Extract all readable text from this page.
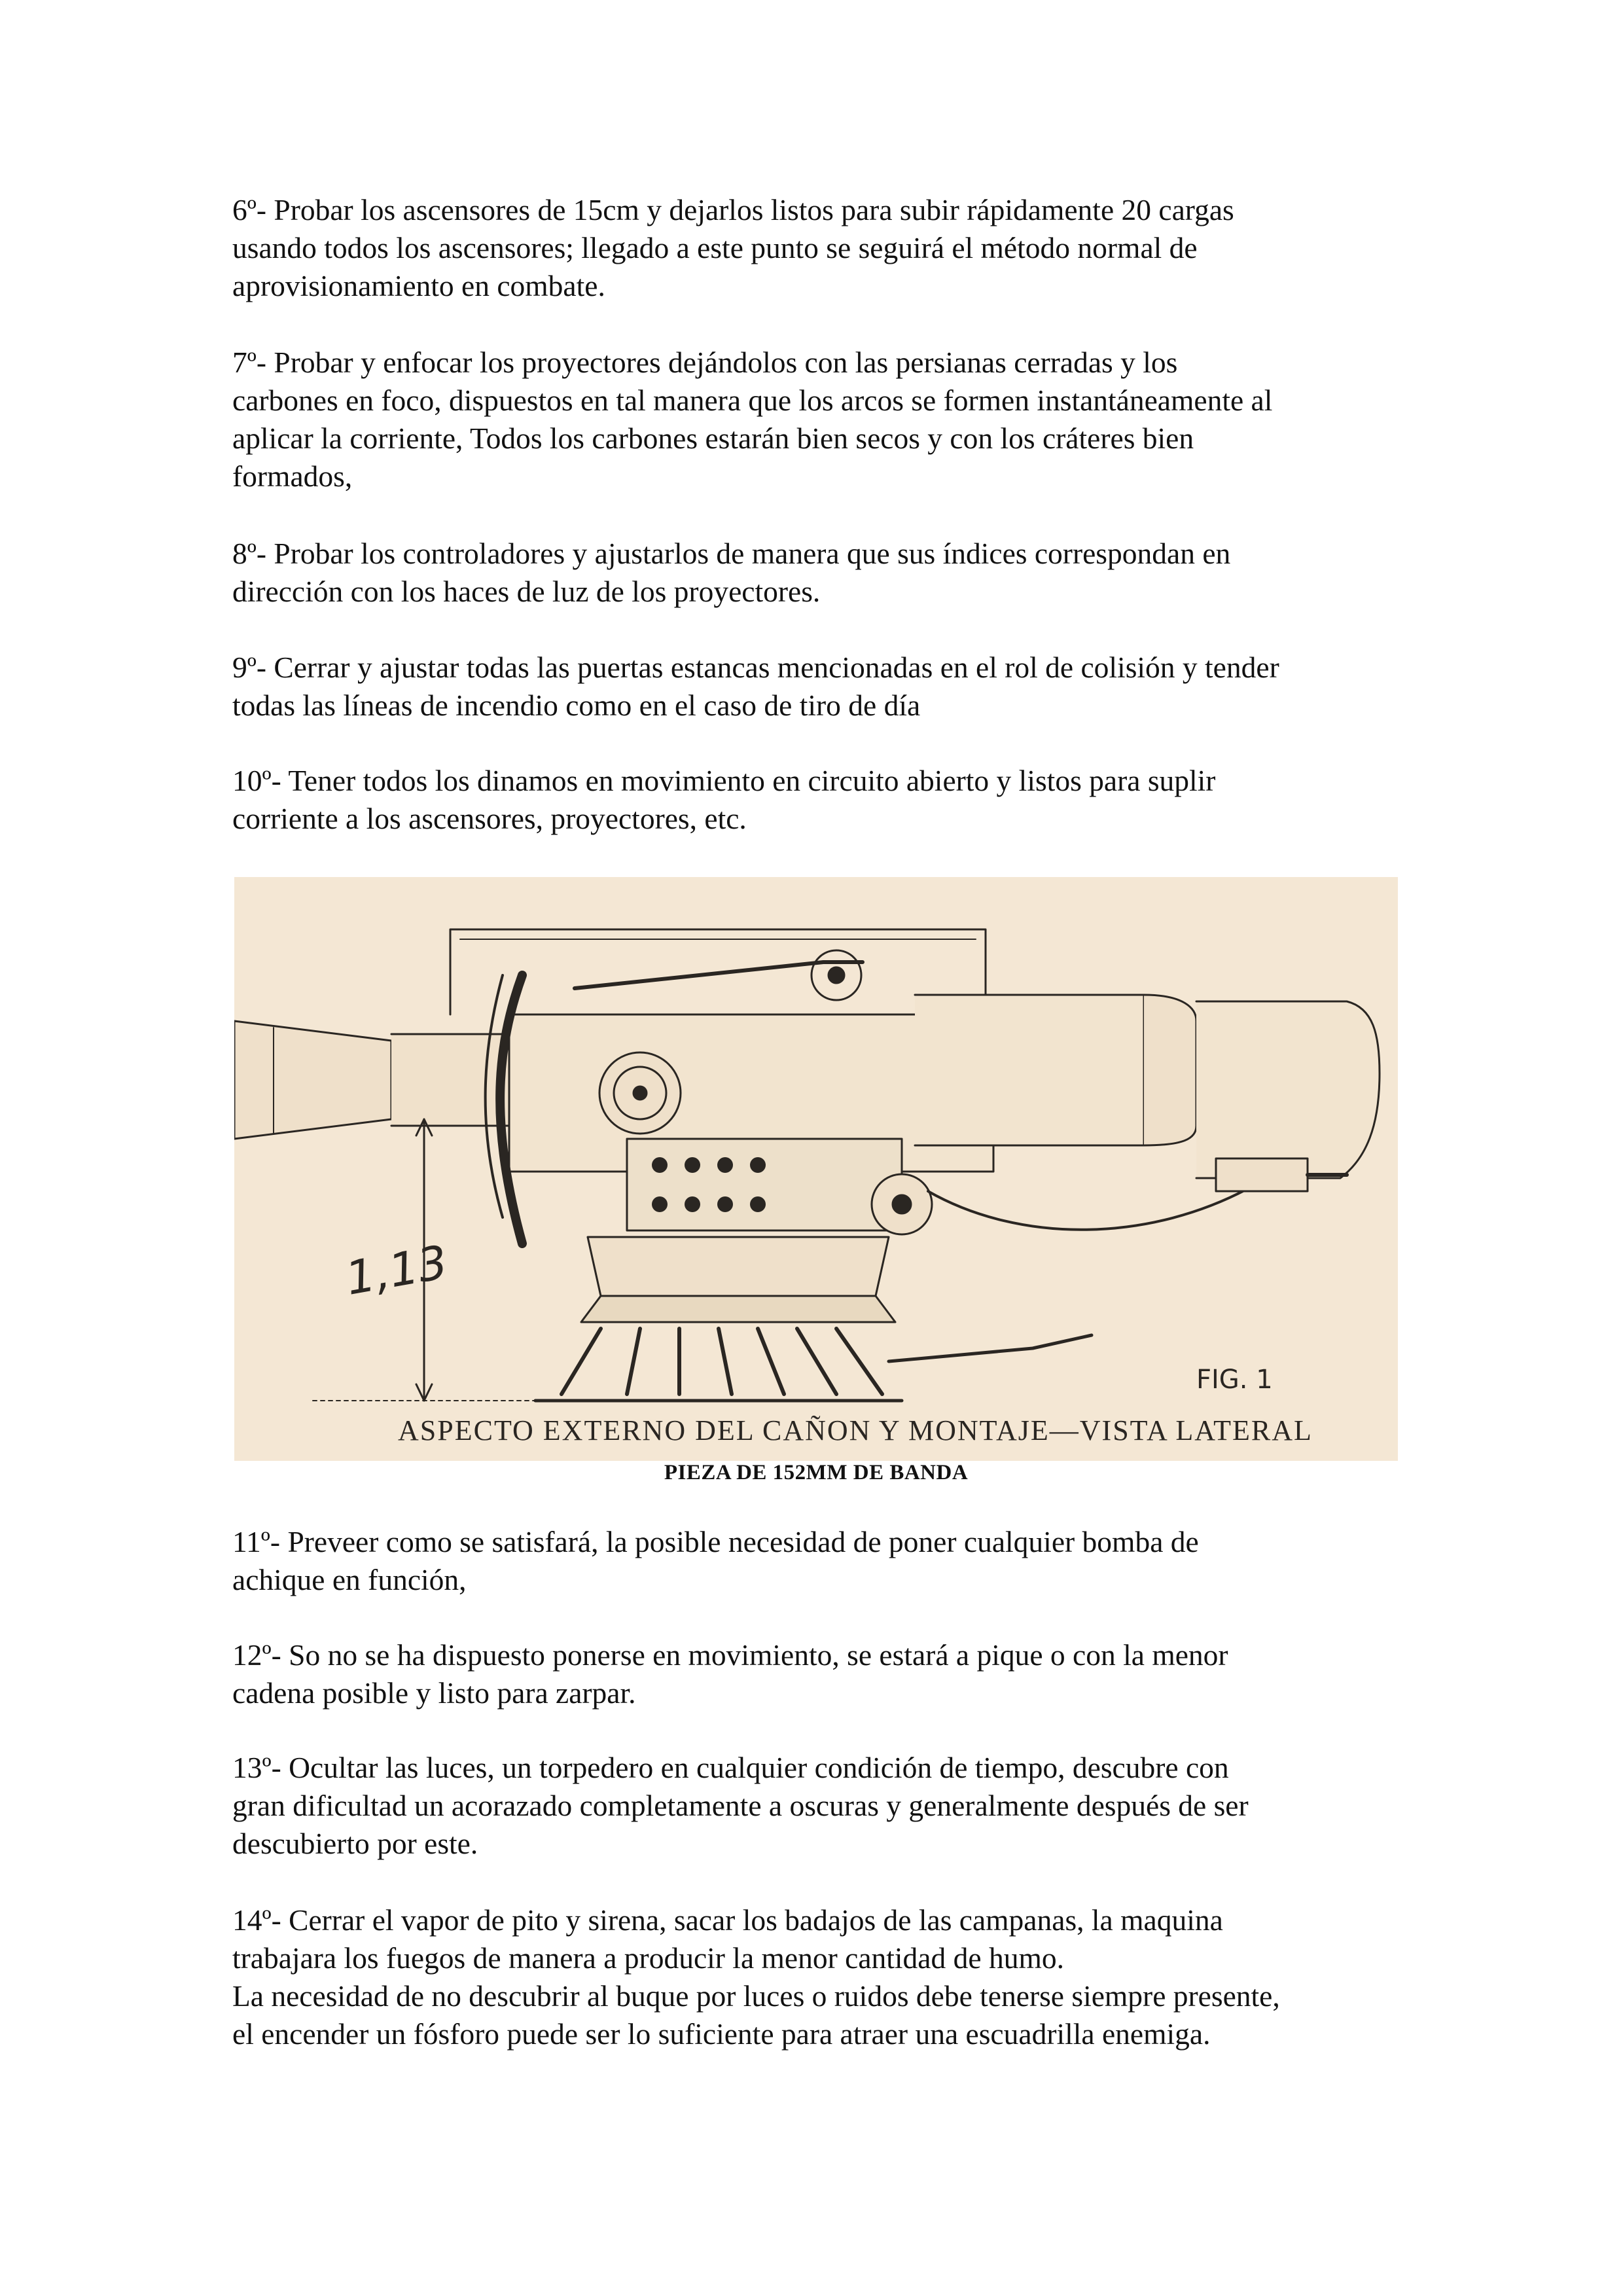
6º- Probar los ascensores de 15cm y dejarlos listos para subir rápidamente 20 cargas

usando todos los ascensores; llegado a este punto se seguirá el método normal de

aprovisionamiento en combate.

7º- Probar y enfocar los proyectores dejándolos con las persianas cerradas y los

carbones en foco, dispuestos en tal manera que los arcos se formen instantáneamente al

aplicar la corriente, Todos los carbones estarán bien secos y con los cráteres bien

formados,

8º- Probar los controladores y ajustarlos de manera que sus índices correspondan en

dirección con los haces de luz de los proyectores.

9º- Cerrar y ajustar todas las puertas estancas mencionadas en el rol de colisión y tender

todas las líneas de incendio como en el caso de tiro de día

10º- Tener todos los dinamos en movimiento en circuito abierto y listos para suplir

corriente a los ascensores, proyectores, etc.

1,13
FIG. 1
ASPECTO EXTERNO DEL CAÑON Y MONTAJE—VISTA LATERAL
PIEZA DE 152MM DE BANDA

11º- Preveer como se satisfará, la posible necesidad de poner cualquier bomba de

achique en función,

12º- So no se ha dispuesto ponerse en movimiento, se estará a pique o con la menor

cadena posible y listo para zarpar.

13º- Ocultar las luces, un torpedero en cualquier condición de tiempo, descubre con

gran dificultad un acorazado completamente a oscuras y generalmente después de ser

descubierto por este.

14º- Cerrar el vapor de pito y sirena, sacar los badajos de las campanas, la maquina

trabajara los fuegos de manera a producir la menor cantidad de humo.

La necesidad de no descubrir al buque por luces o ruidos debe tenerse siempre presente,

el encender un fósforo puede ser lo suficiente para atraer una escuadrilla enemiga.
